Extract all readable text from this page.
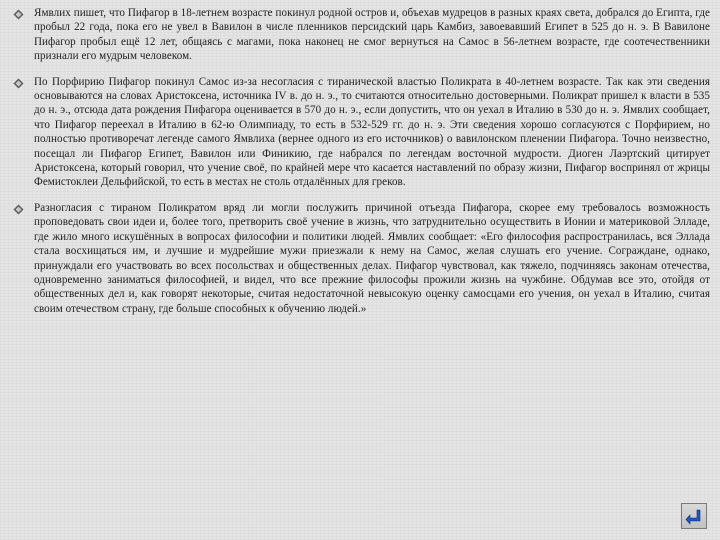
Ямвлих пишет, что Пифагор в 18-летнем возрасте покинул родной остров и, объехав мудрецов в разных краях света, добрался до Египта, где пробыл 22 года, пока его не увел в Вавилон в числе пленников персидский царь Камбиз, завоевавший Египет в 525 до н. э. В Вавилоне Пифагор пробыл ещё 12 лет, общаясь с магами, пока наконец не смог вернуться на Самос в 56-летнем возрасте, где соотечественники признали его мудрым человеком.
По Порфирию Пифагор покинул Самос из-за несогласия с тиранической властью Поликрата в 40-летнем возрасте. Так как эти сведения основываются на словах Аристоксена, источника IV в. до н. э., то считаются относительно достоверными. Поликрат пришел к власти в 535 до н. э., отсюда дата рождения Пифагора оценивается в 570 до н. э., если допустить, что он уехал в Италию в 530 до н. э. Ямвлих сообщает, что Пифагор переехал в Италию в 62-ю Олимпиаду, то есть в 532-529 гг. до н. э. Эти сведения хорошо согласуются с Порфирием, но полностью противоречат легенде самого Ямвлиха (вернее одного из его источников) о вавилонском пленении Пифагора. Точно неизвестно, посещал ли Пифагор Египет, Вавилон или Финикию, где набрался по легендам восточной мудрости. Диоген Лаэртский цитирует Аристоксена, который говорил, что учение своё, по крайней мере что касается наставлений по образу жизни, Пифагор воспринял от жрицы Фемистоклеи Дельфийской, то есть в местах не столь отдалённых для греков.
Разногласия с тираном Поликратом вряд ли могли послужить причиной отъезда Пифагора, скорее ему требовалось возможность проповедовать свои идеи и, более того, претворить своё учение в жизнь, что затруднительно осуществить в Ионии и материковой Элладе, где жило много искушённых в вопросах философии и политики людей. Ямвлих сообщает: «Его философия распространилась, вся Эллада стала восхищаться им, и лучшие и мудрейшие мужи приезжали к нему на Самос, желая слушать его учение. Сограждане, однако, принуждали его участвовать во всех посольствах и общественных делах. Пифагор чувствовал, как тяжело, подчиняясь законам отечества, одновременно заниматься философией, и видел, что все прежние философы прожили жизнь на чужбине. Обдумав все это, отойдя от общественных дел и, как говорят некоторые, считая недостаточной невысокую оценку самосцами его учения, он уехал в Италию, считая своим отечеством страну, где больше способных к обучению людей.»
